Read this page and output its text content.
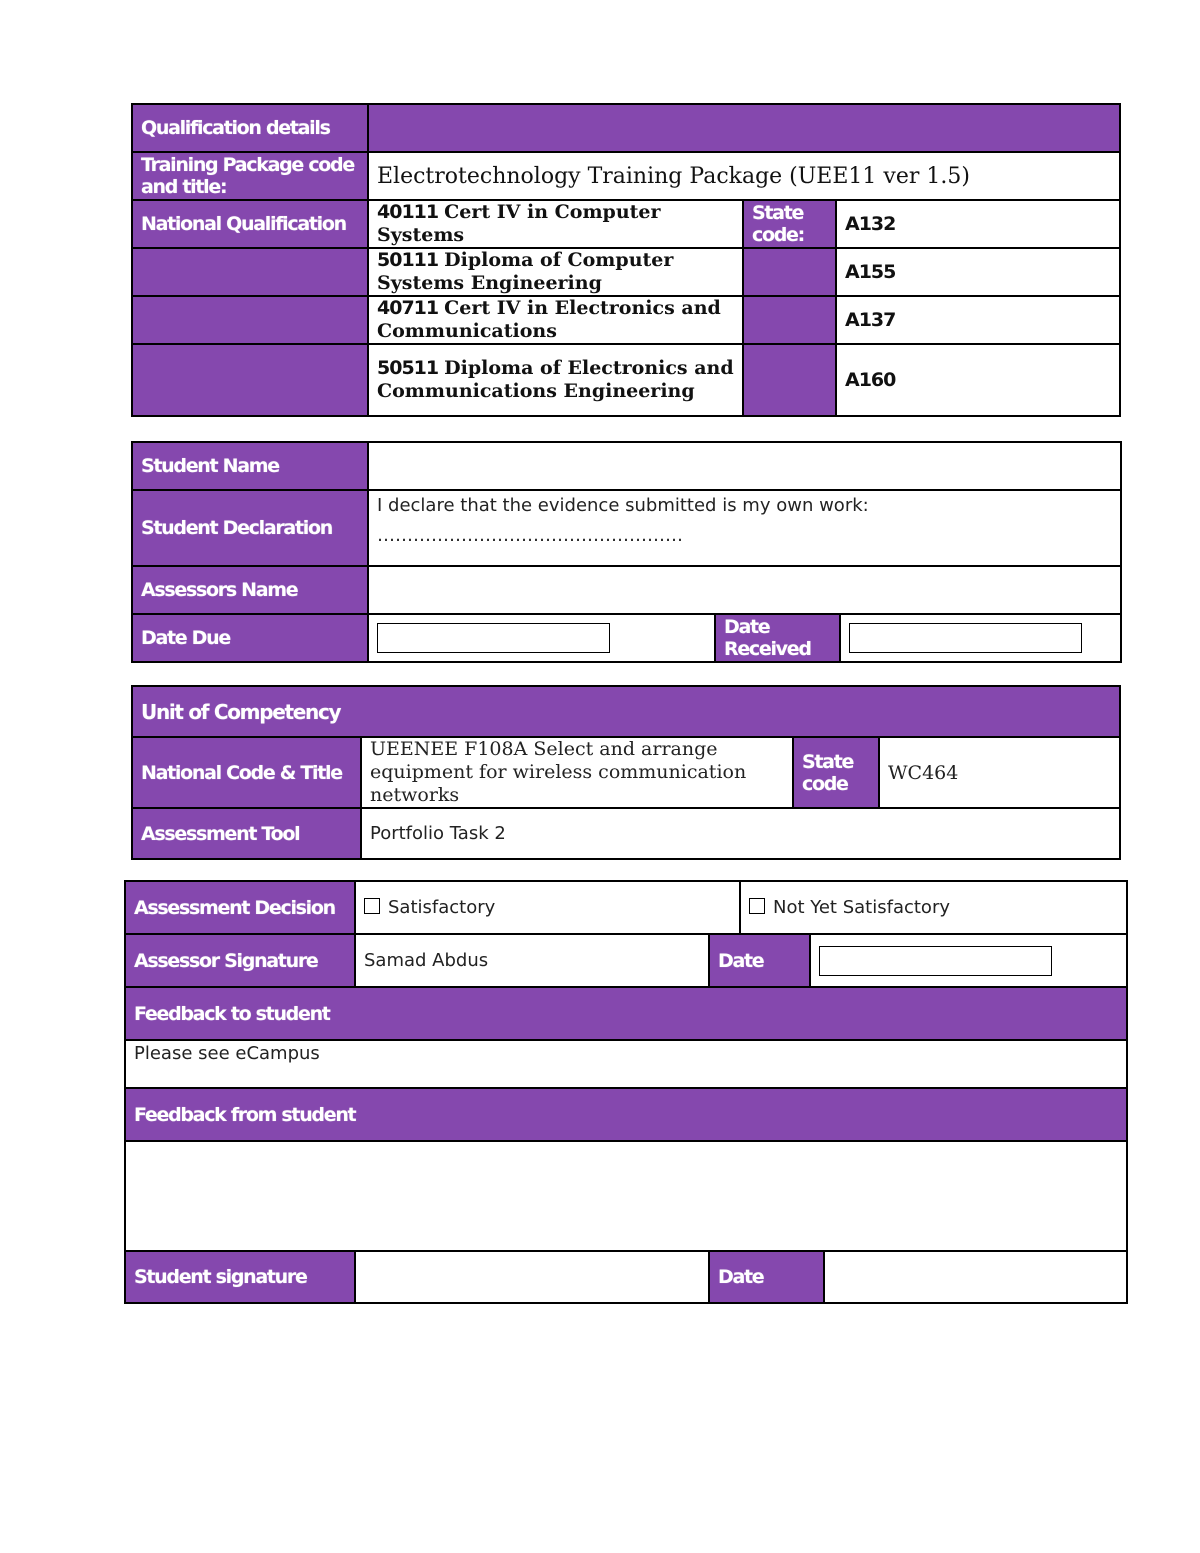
Qualification details			
Training Package code and title:	Electrotechnology Training Package (UEE11 ver 1.5)		
National Qualification	40111 Cert IV in Computer Systems	State code:	A132

	50111 Diploma of Computer Systems Engineering		A155

	40711 Cert IV in Electronics and Communications		A137

	50511 Diploma of Electronics and Communications Engineering		A160
Student Name			
Student Declaration	I declare that the evidence submitted is my own work:
……………………………………………		

Assessors Name			
Date Due		Date Received	
Unit of Competency			
National Code & Title	UEENEE F108A Select and arrange equipment for wireless communication networks	State code	WC464
Assessment Tool	Portfolio Task 2		
Assessment Decision	Satisfactory		Not Yet Satisfactory		
Assessor Signature	Samad Abdus	Date			

Feedback to student					
Please see eCampus					
Feedback from student					

Student signature		Date			
